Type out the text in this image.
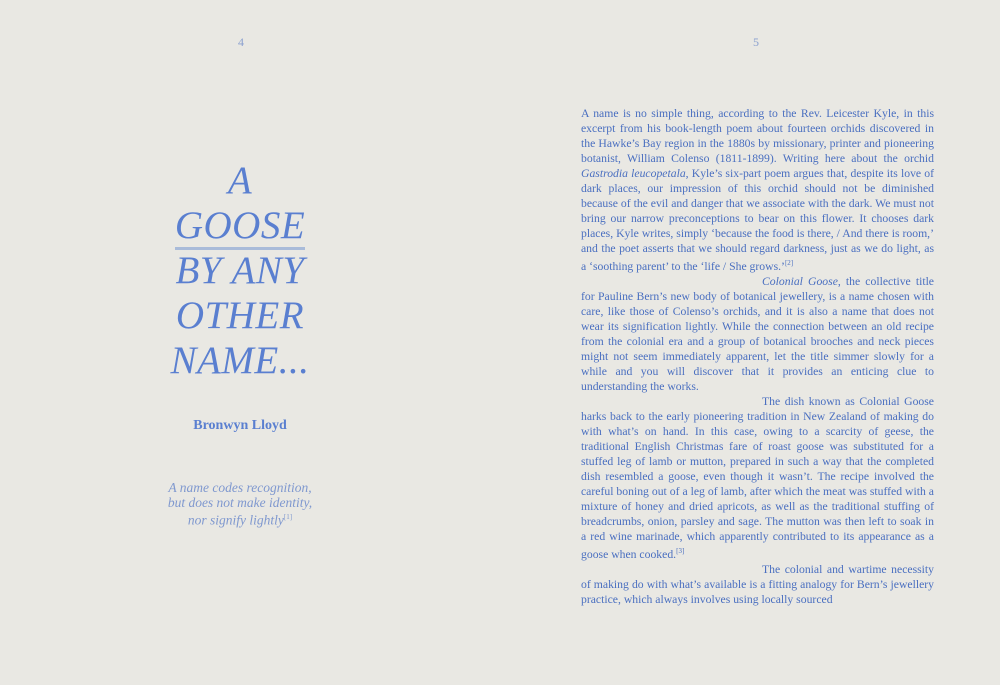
4
A
GOOSE
BY ANY
OTHER
NAME...
Bronwyn Lloyd
A name codes recognition,
but does not make identity,
nor signify lightly[1]
5

A name is no simple thing, according to the Rev. Leicester Kyle, in this excerpt from his book-length poem about fourteen orchids discovered in the Hawke’s Bay region in the 1880s by missionary, printer and pioneering botanist, William Colenso (1811-1899). Writing here about the orchid Gastrodia leucopetala, Kyle’s six-part poem argues that, despite its love of dark places, our impression of this orchid should not be diminished because of the evil and danger that we associate with the dark. We must not bring our narrow preconceptions to bear on this flower. It chooses dark places, Kyle writes, simply ‘because the food is there, / And there is room,’ and the poet asserts that we should regard darkness, just as we do light, as a ‘soothing parent’ to the ‘life / She grows.’[2]

Colonial Goose, the collective title for Pauline Bern’s new body of botanical jewellery, is a name chosen with care, like those of Colenso’s orchids, and it is also a name that does not wear its signification lightly. While the connection between an old recipe from the colonial era and a group of botanical brooches and neck pieces might not seem immediately apparent, let the title simmer slowly for a while and you will discover that it provides an enticing clue to understanding the works.

The dish known as Colonial Goose harks back to the early pioneering tradition in New Zealand of making do with what’s on hand. In this case, owing to a scarcity of geese, the traditional English Christmas fare of roast goose was substituted for a stuffed leg of lamb or mutton, prepared in such a way that the completed dish resembled a goose, even though it wasn’t. The recipe involved the careful boning out of a leg of lamb, after which the meat was stuffed with a mixture of honey and dried apricots, as well as the traditional stuffing of breadcrumbs, onion, parsley and sage. The mutton was then left to soak in a red wine marinade, which apparently contributed to its appearance as a goose when cooked.[3]

The colonial and wartime necessity of making do with what’s available is a fitting analogy for Bern’s jewellery practice, which always involves using locally sourced
